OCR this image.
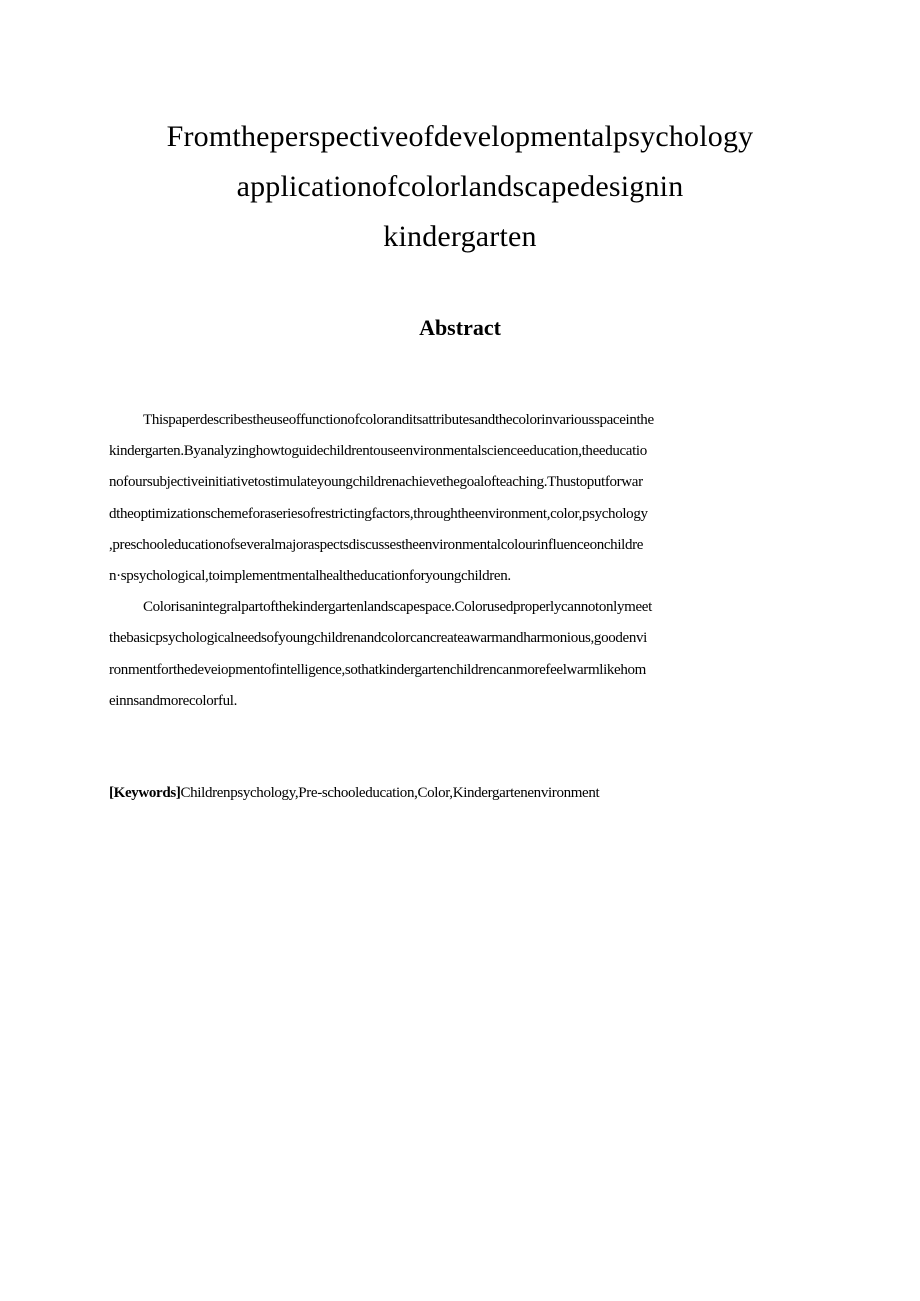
Fromtheperspectiveofdevelopmentalpsychology
applicationofcolorlandscapedesignin
kindergarten
Abstract
Thispaperdescribestheuseoffunctionofcoloranditsattributesandthecolorinvariousspaceinthe
kindergarten.Byanalyzinghowtoguidechildrentouseenvironmentalscienceeducation,theeducatio
nofoursubjectiveinitiativetostimulateyoungchildrenachievethegoalofteaching.Thustoputforwar
dtheoptimizationschemeforaseriesofrestrictingfactors,throughtheenvironment,color,psychology
,preschooleducationofseveralmajoraspectsdiscussestheenvironmentalcolourinfluenceonchildre
n·spsychological,toimplementmentalhealtheducationforyoungchildren.
Colorisanintegralpartofthekindergartenlandscapespace.Colorusedproperlycannotonlymeet
thebasicpsychologicalneedsofyoungchildrenandcolorcancreateawarmandharmonious,goodenvi
ronmentforthedeveiopmentofintelligence,sothatkindergartenchildrencanmorefeelwarmlikehom
einnsandmorecolorful.
[Keywords]Childrenpsychology,Pre-schooleducation,Color,Kindergartenenvironment
